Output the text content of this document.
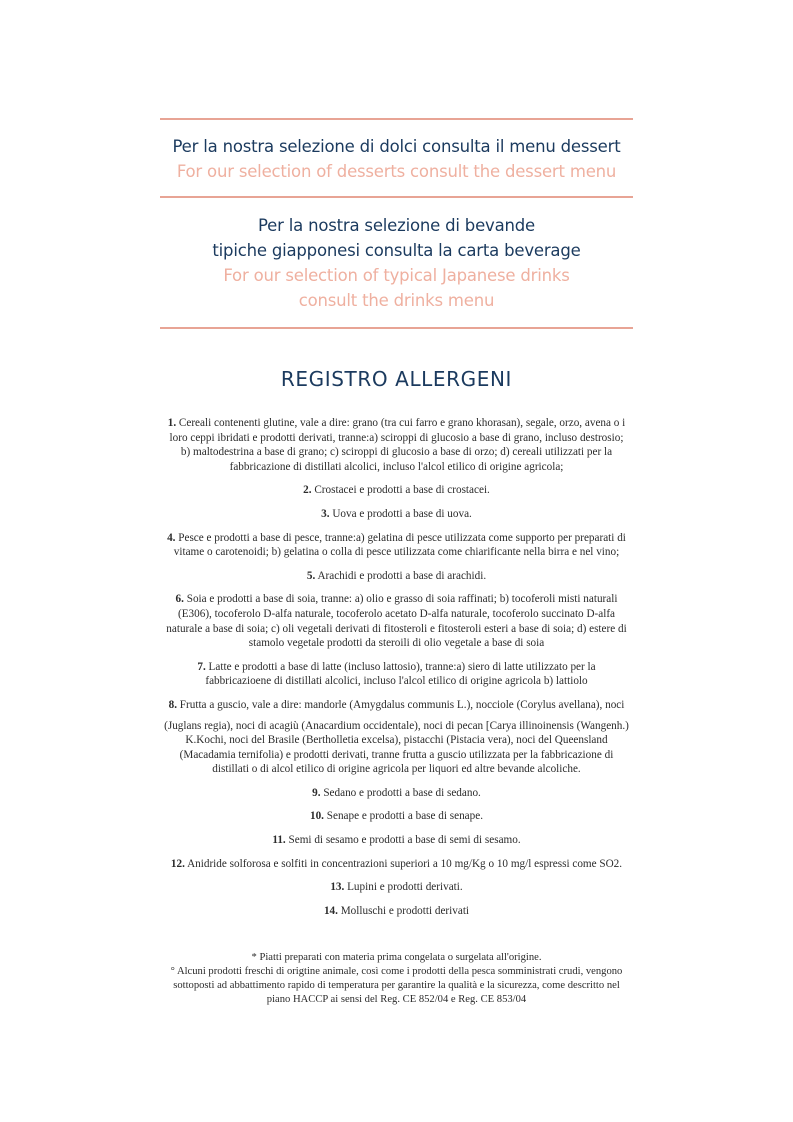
Per la nostra selezione di dolci consulta il menu dessert
For our selection of desserts consult the dessert menu
Per la nostra selezione di bevande
tipiche giapponesi consulta la carta beverage
For our selection of typical Japanese drinks
consult the drinks menu
REGISTRO ALLERGENI
1. Cereali contenenti glutine, vale a dire: grano (tra cui farro e grano khorasan), segale, orzo, avena o i loro ceppi ibridati e prodotti derivati, tranne:a) sciroppi di glucosio a base di grano, incluso destrosio; b) maltodestrina a base di grano; c) sciroppi di glucosio a base di orzo; d) cereali utilizzati per la fabbricazione di distillati alcolici, incluso l'alcol etilico di origine agricola;
2. Crostacei e prodotti a base di crostacei.
3. Uova e prodotti a base di uova.
4. Pesce e prodotti a base di pesce, tranne:a) gelatina di pesce utilizzata come supporto per preparati di vitame o carotenoidi; b) gelatina o colla di pesce utilizzata come chiarificante nella birra e nel vino;
5. Arachidi e prodotti a base di arachidi.
6. Soia e prodotti a base di soia, tranne: a) olio e grasso di soia raffinati; b) tocoferoli misti naturali (E306), tocoferolo D-alfa naturale, tocoferolo acetato D-alfa naturale, tocoferolo succinato D-alfa naturale a base di soia; c) oli vegetali derivati di fitosteroli e fitosteroli esteri a base di soia; d) estere di stamolo vegetale prodotti da steroili di olio vegetale a base di soia
7. Latte e prodotti a base di latte (incluso lattosio), tranne:a) siero di latte utilizzato per la fabbricazioene di distillati alcolici, incluso l'alcol etilico di origine agricola b) lattiolo
8. Frutta a guscio, vale a dire: mandorle (Amygdalus communis L.), nocciole (Corylus avellana), noci
(Juglans regia), noci di acagiù (Anacardium occidentale), noci di pecan [Carya illinoinensis (Wangenh.) K.Kochi, noci del Brasile (Bertholletia excelsa), pistacchi (Pistacia vera), noci del Queensland (Macadamia ternifolia) e prodotti derivati, tranne frutta a guscio utilizzata per la fabbricazione di distillati o di alcol etilico di origine agricola per liquori ed altre bevande alcoliche.
9. Sedano e prodotti a base di sedano.
10. Senape e prodotti a base di senape.
11. Semi di sesamo e prodotti a base di semi di sesamo.
12. Anidride solforosa e solfiti in concentrazioni superiori a 10 mg/Kg o 10 mg/l espressi come SO2.
13. Lupini e prodotti derivati.
14. Molluschi e prodotti derivati
* Piatti preparati con materia prima congelata o surgelata all'origine.
° Alcuni prodotti freschi di origtine animale, così come i prodotti della pesca somministrati crudi, vengono sottoposti ad abbattimento rapido di temperatura per garantire la qualità e la sicurezza, come descritto nel piano HACCP ai sensi del Reg. CE 852/04 e Reg. CE 853/04
